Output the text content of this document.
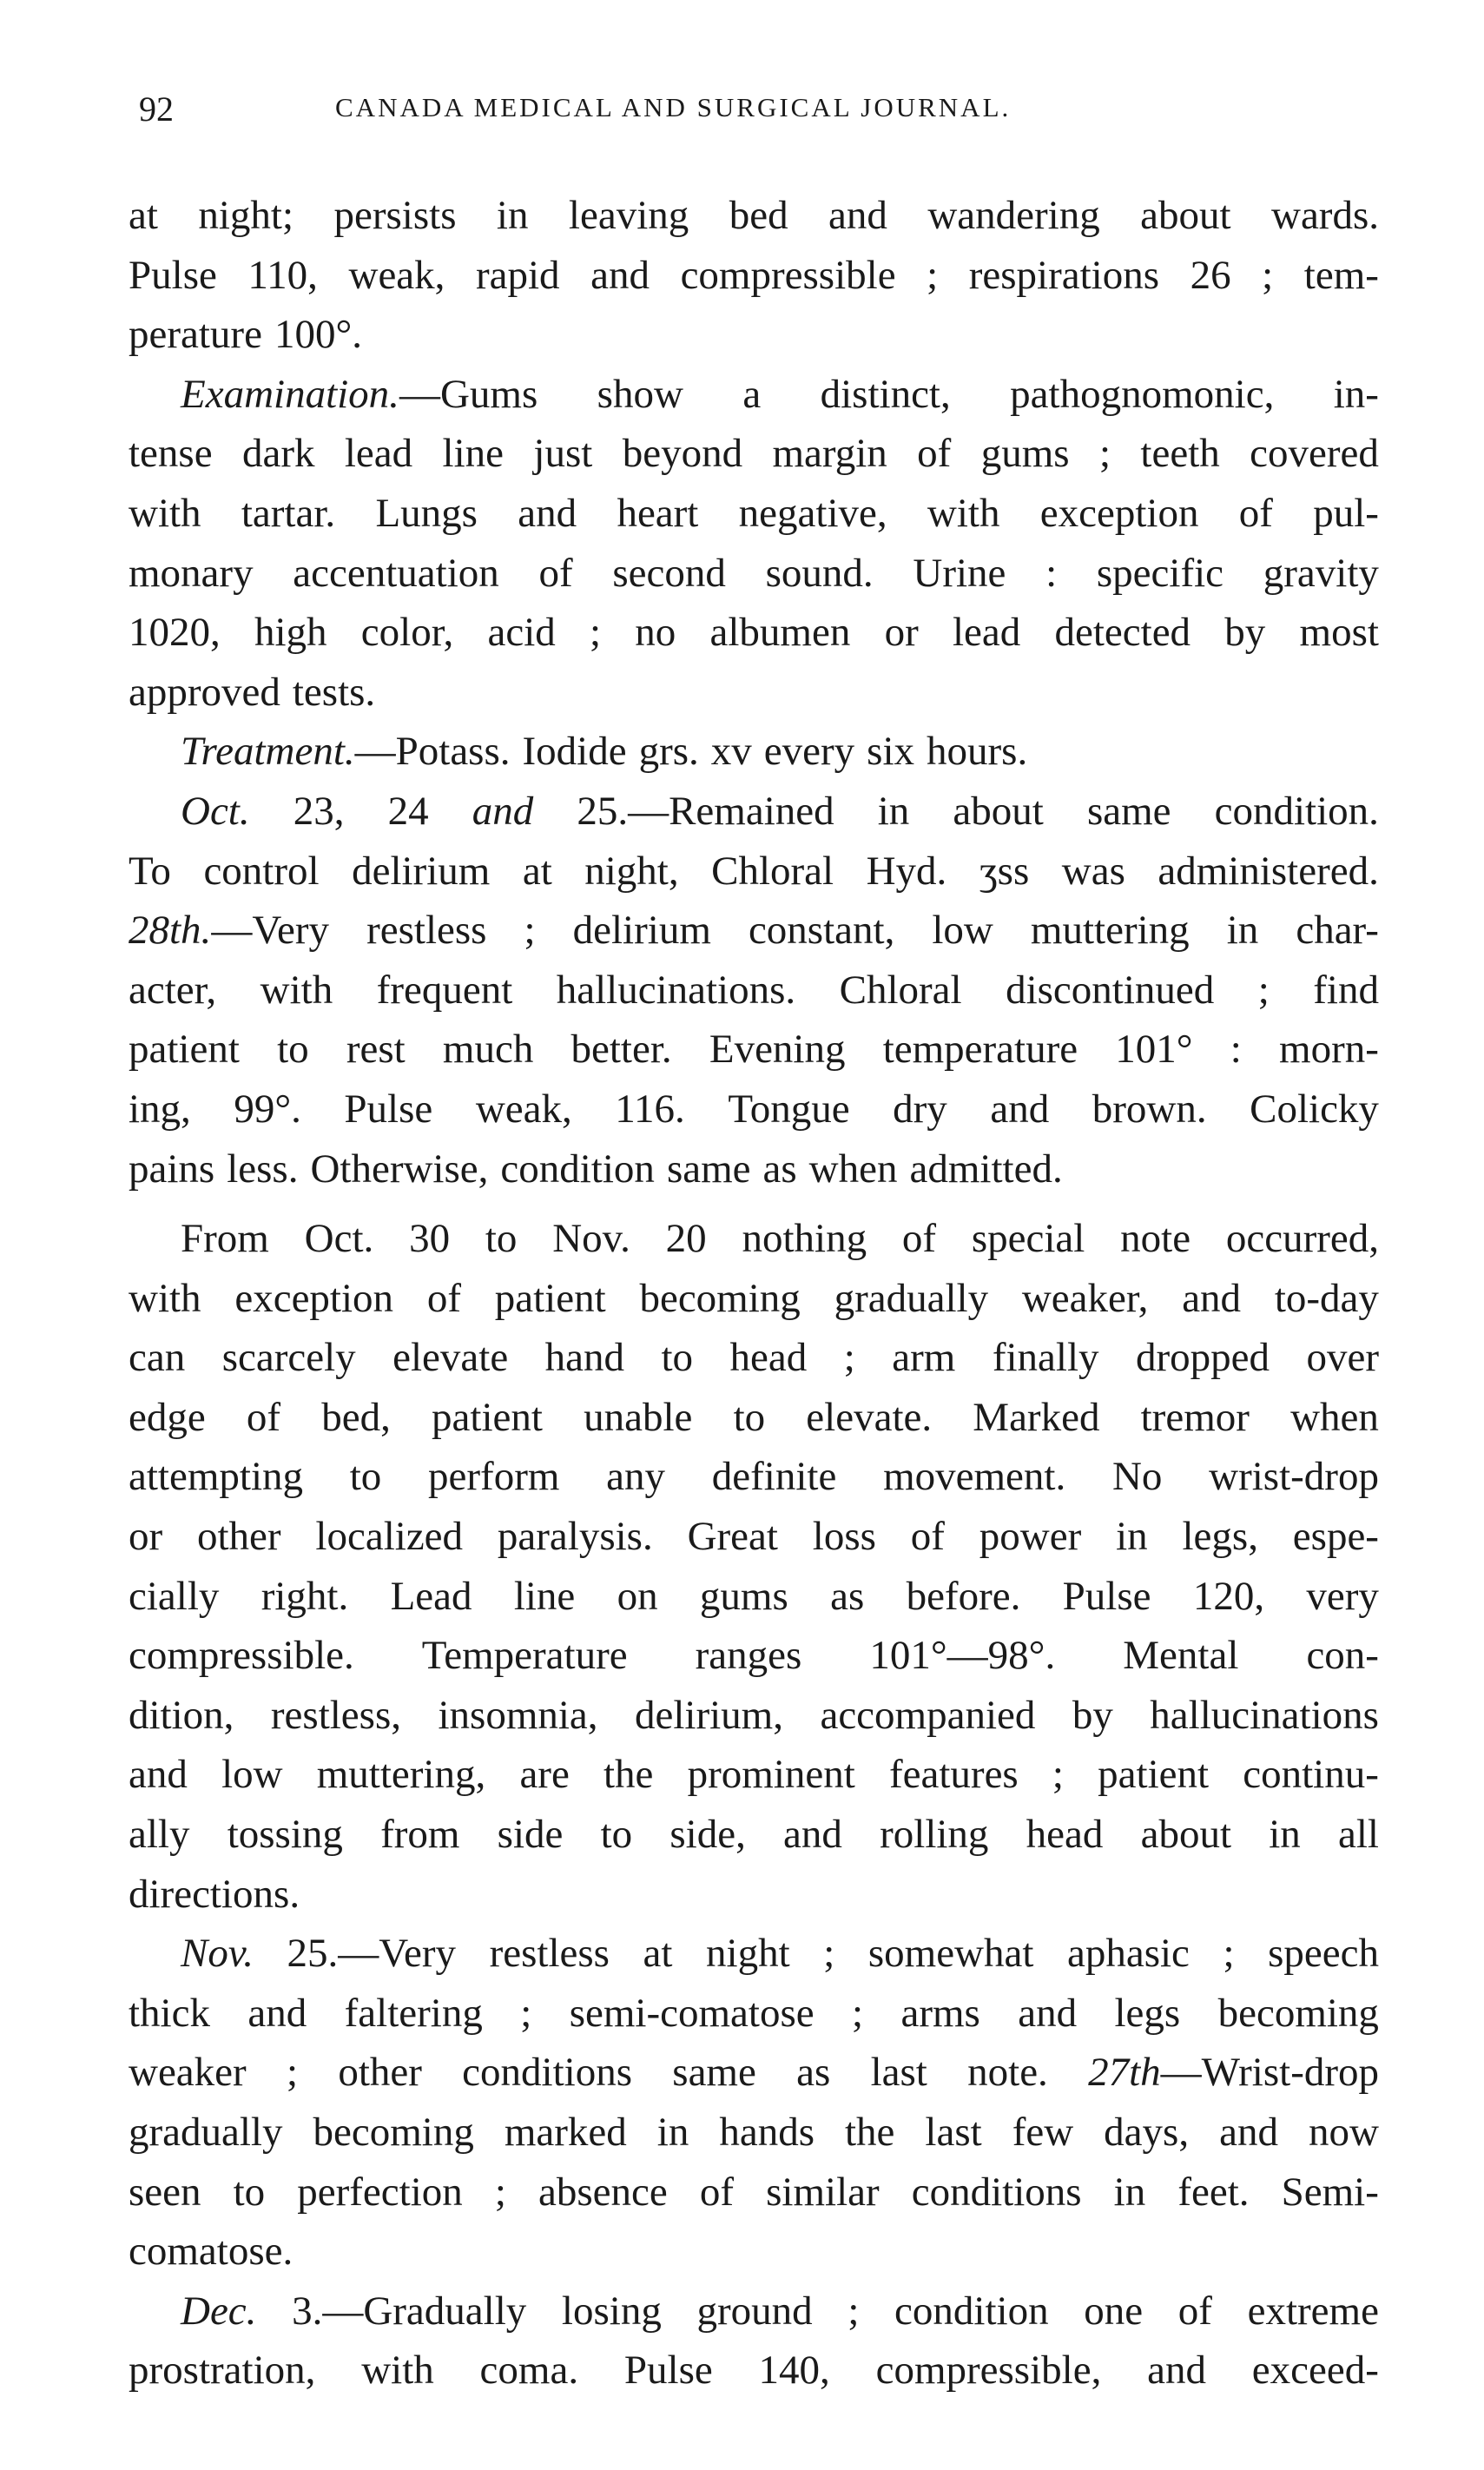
92	CANADA MEDICAL AND SURGICAL JOURNAL.
at night; persists in leaving bed and wandering about wards.
Pulse 110, weak, rapid and compressible ; respirations 26 ; tem-
perature 100°.
Examination.—Gums show a distinct, pathognomonic, in-
tense dark lead line just beyond margin of gums ; teeth covered
with tartar. Lungs and heart negative, with exception of pul-
monary accentuation of second sound. Urine : specific gravity
1020, high color, acid ; no albumen or lead detected by most
approved tests.
Treatment.—Potass. Iodide grs. xv every six hours.
Oct. 23, 24 and 25.—Remained in about same condition.
To control delirium at night, Chloral Hyd. ʒss was administered.
28th.—Very restless ; delirium constant, low muttering in char-
acter, with frequent hallucinations. Chloral discontinued ; find
patient to rest much better. Evening temperature 101° : morn-
ing, 99°. Pulse weak, 116. Tongue dry and brown. Colicky
pains less. Otherwise, condition same as when admitted.
From Oct. 30 to Nov. 20 nothing of special note occurred,
with exception of patient becoming gradually weaker, and to-day
can scarcely elevate hand to head ; arm finally dropped over
edge of bed, patient unable to elevate. Marked tremor when
attempting to perform any definite movement. No wrist-drop
or other localized paralysis. Great loss of power in legs, espe-
cially right. Lead line on gums as before. Pulse 120, very
compressible. Temperature ranges 101°—98°. Mental con-
dition, restless, insomnia, delirium, accompanied by hallucinations
and low muttering, are the prominent features ; patient continu-
ally tossing from side to side, and rolling head about in all
directions.
Nov. 25.—Very restless at night ; somewhat aphasic ; speech
thick and faltering ; semi-comatose ; arms and legs becoming
weaker ; other conditions same as last note. 27th—Wrist-drop
gradually becoming marked in hands the last few days, and now
seen to perfection ; absence of similar conditions in feet. Semi-
comatose.
Dec. 3.—Gradually losing ground ; condition one of extreme
prostration, with coma. Pulse 140, compressible, and exceed-
